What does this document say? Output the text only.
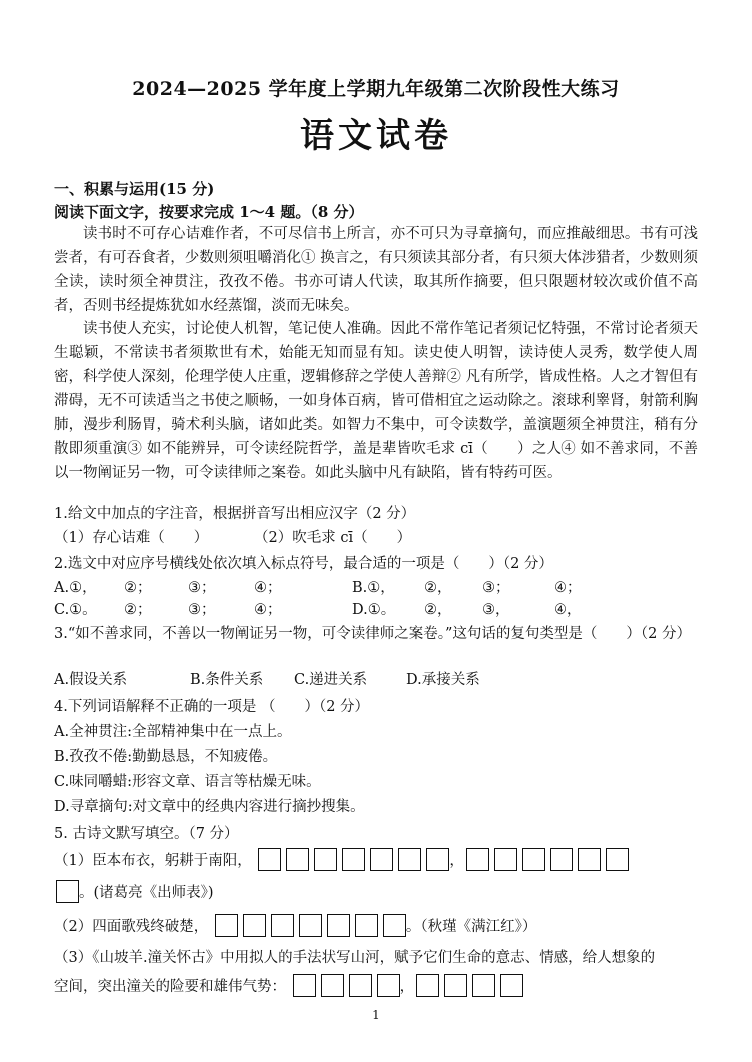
2024—2025 学年度上学期九年级第二次阶段性大练习
语文试卷
一、积累与运用(15 分)
阅读下面文字，按要求完成 1～4 题。（8 分）
读书时不可存心诘难作者，不可尽信书上所言，亦不可只为寻章摘句，而应推敲细思。书有可浅尝者，有可吞食者，少数则须咀嚼消化① 换言之，有只须读其部分者，有只须大体涉猎者，少数则须全读，读时须全神贯注，孜孜不倦。书亦可请人代读，取其所作摘要，但只限题材较次或价值不高者，否则书经提炼犹如水经蒸馏，淡而无味矣。
读书使人充实，讨论使人机智，笔记使人准确。因此不常作笔记者须记忆特强，不常讨论者须天生聪颖，不常读书者须欺世有术，始能无知而显有知。读史使人明智，读诗使人灵秀，数学使人周密，科学使人深刻，伦理学使人庄重，逻辑修辞之学使人善辩② 凡有所学，皆成性格。人之才智但有滞碍，无不可读适当之书使之顺畅，一如身体百病，皆可借相宜之运动除之。滚球利睾肾，射箭利胸肺，漫步利肠胃，骑术利头脑，诸如此类。如智力不集中，可令读数学，盖演题须全神贯注，稍有分散即须重演③ 如不能辨异，可令读经院哲学，盖是辈皆吹毛求 cī（　　）之人④ 如不善求同，不善以一物阐证另一物，可令读律师之案卷。如此头脑中凡有缺陷，皆有特药可医。
1.给文中加点的字注音，根据拼音写出相应汉字（2 分）
（1）存心诘难（　　）	（2）吹毛求 cī（　　）
2.选文中对应序号横线处依次填入标点符号，最合适的一项是（　　）（2 分）
A.①， ②；	③；	④；	B.①， ②， ③；	④；
C.①。 ②；	③；	④；	D.①。 ②， ③，	④，
3.“如不善求同，不善以一物阐证另一物，可令读律师之案卷。”这句话的复句类型是（　　）（2 分）
A.假设关系	B.条件关系 C.递进关系	D.承接关系
4.下列词语解释不正确的一项是 （　　）（2 分）
A.全神贯注:全部精神集中在一点上。
B.孜孜不倦:勤勤恳恳，不知疲倦。
C.味同嚼蜡:形容文章、语言等枯燥无味。
D.寻章摘句:对文章中的经典内容进行摘抄搜集。
5. 古诗文默写填空。（7 分）
（1）臣本布衣，躬耕于南阳，	，
。(诸葛亮《出师表》)
（2）四面歌残终破楚，	。（秋瑾《满江红》）
（3）《山坡羊.潼关怀古》中用拟人的手法状写山河，赋予它们生命的意志、情感，给人想象的
空间，突出潼关的险要和雄伟气势：	，
1
